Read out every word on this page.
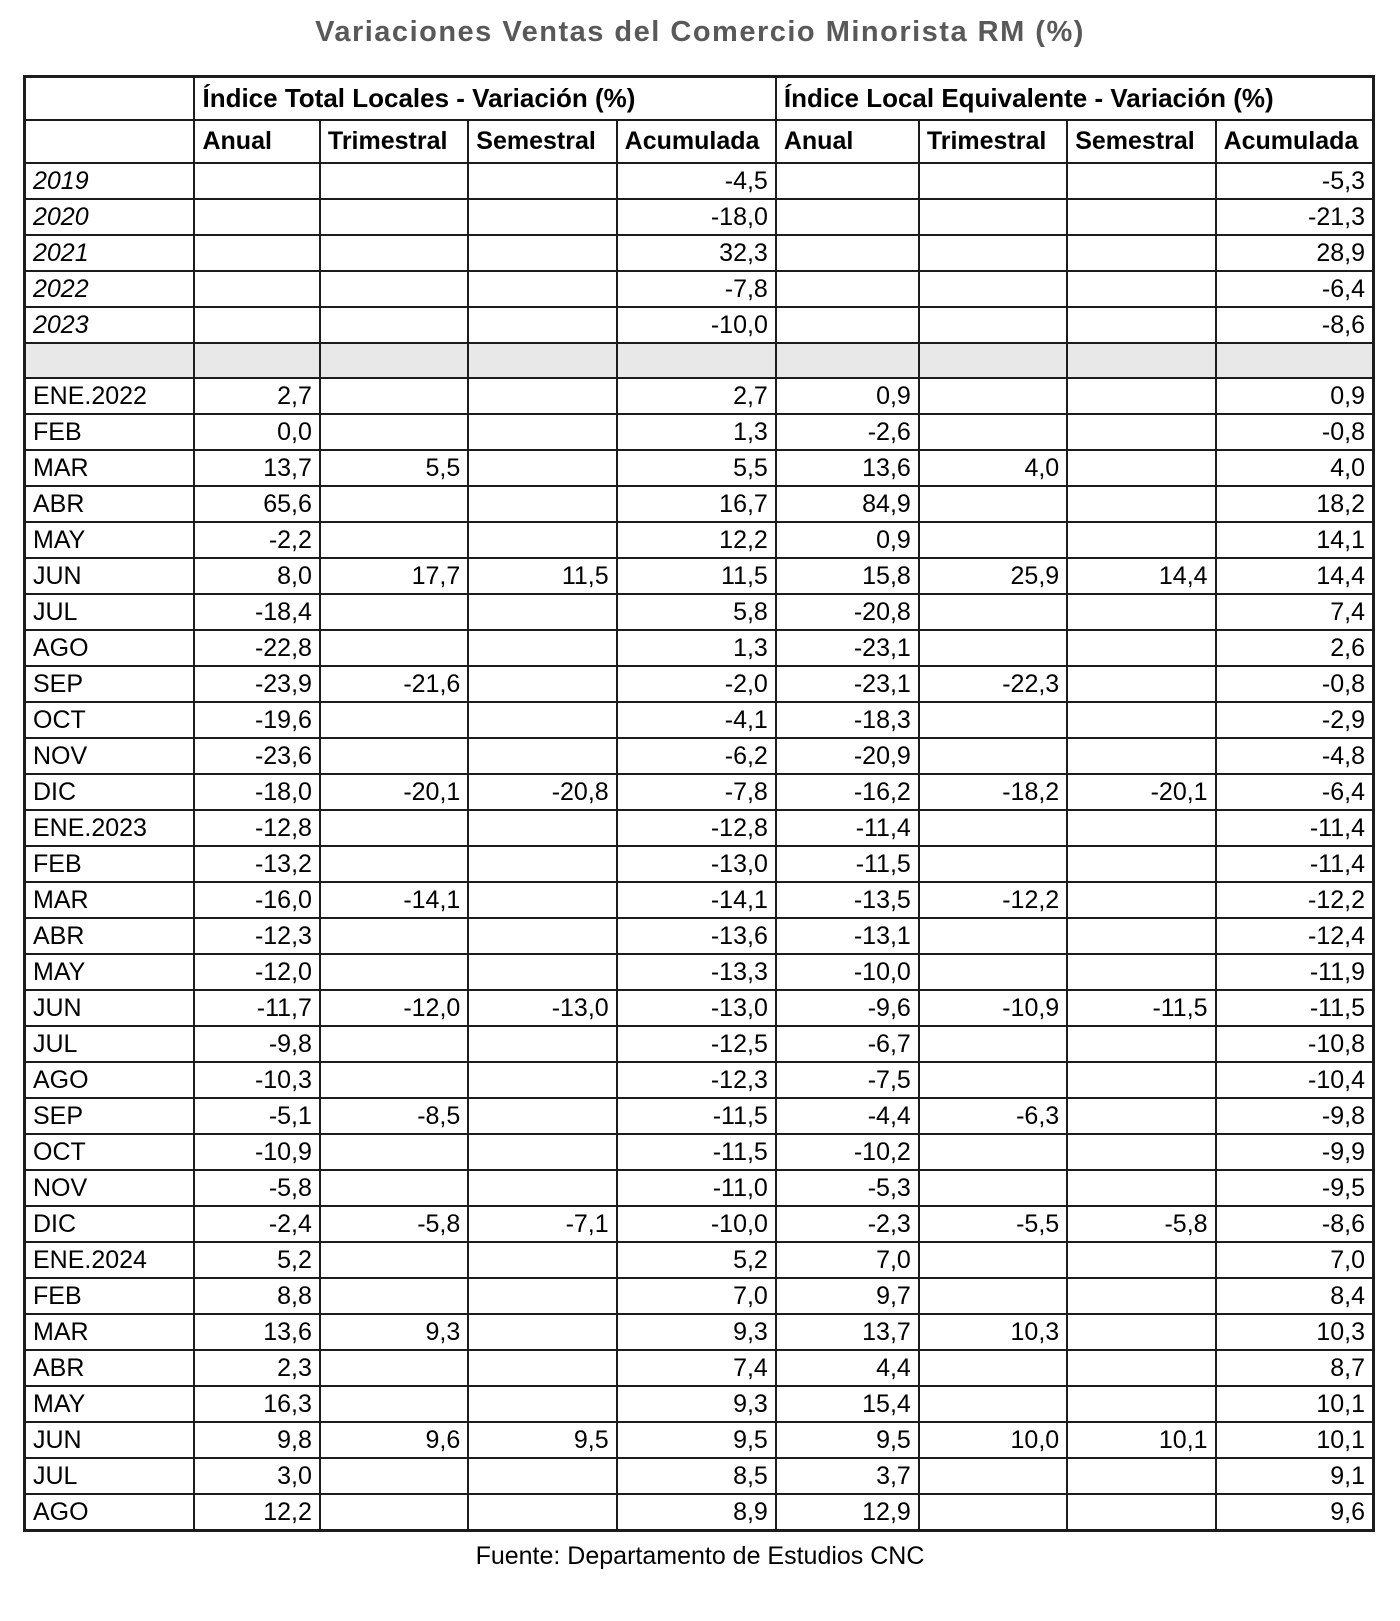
Variaciones Ventas del Comercio Minorista RM (%)
	Índice Total Locales - Variación (%)				Índice Local Equivalente - Variación (%)			
	Anual	Trimestral	Semestral	Acumulada	Anual	Trimestral	Semestral	Acumulada
2019				-4,5				-5,3
2020				-18,0				-21,3
2021				32,3				28,9
2022				-7,8				-6,4
2023				-10,0				-8,6

ENE.2022	2,7			2,7	0,9			0,9
FEB	0,0			1,3	-2,6			-0,8
MAR	13,7	5,5		5,5	13,6	4,0		4,0
ABR	65,6			16,7	84,9			18,2
MAY	-2,2			12,2	0,9			14,1
JUN	8,0	17,7	11,5	11,5	15,8	25,9	14,4	14,4
JUL	-18,4			5,8	-20,8			7,4
AGO	-22,8			1,3	-23,1			2,6
SEP	-23,9	-21,6		-2,0	-23,1	-22,3		-0,8
OCT	-19,6			-4,1	-18,3			-2,9
NOV	-23,6			-6,2	-20,9			-4,8
DIC	-18,0	-20,1	-20,8	-7,8	-16,2	-18,2	-20,1	-6,4
ENE.2023	-12,8			-12,8	-11,4			-11,4
FEB	-13,2			-13,0	-11,5			-11,4
MAR	-16,0	-14,1		-14,1	-13,5	-12,2		-12,2
ABR	-12,3			-13,6	-13,1			-12,4
MAY	-12,0			-13,3	-10,0			-11,9
JUN	-11,7	-12,0	-13,0	-13,0	-9,6	-10,9	-11,5	-11,5
JUL	-9,8			-12,5	-6,7			-10,8
AGO	-10,3			-12,3	-7,5			-10,4
SEP	-5,1	-8,5		-11,5	-4,4	-6,3		-9,8
OCT	-10,9			-11,5	-10,2			-9,9
NOV	-5,8			-11,0	-5,3			-9,5
DIC	-2,4	-5,8	-7,1	-10,0	-2,3	-5,5	-5,8	-8,6
ENE.2024	5,2			5,2	7,0			7,0
FEB	8,8			7,0	9,7			8,4
MAR	13,6	9,3		9,3	13,7	10,3		10,3
ABR	2,3			7,4	4,4			8,7
MAY	16,3			9,3	15,4			10,1
JUN	9,8	9,6	9,5	9,5	9,5	10,0	10,1	10,1
JUL	3,0			8,5	3,7			9,1
AGO	12,2			8,9	12,9			9,6
Fuente: Departamento de Estudios CNC
